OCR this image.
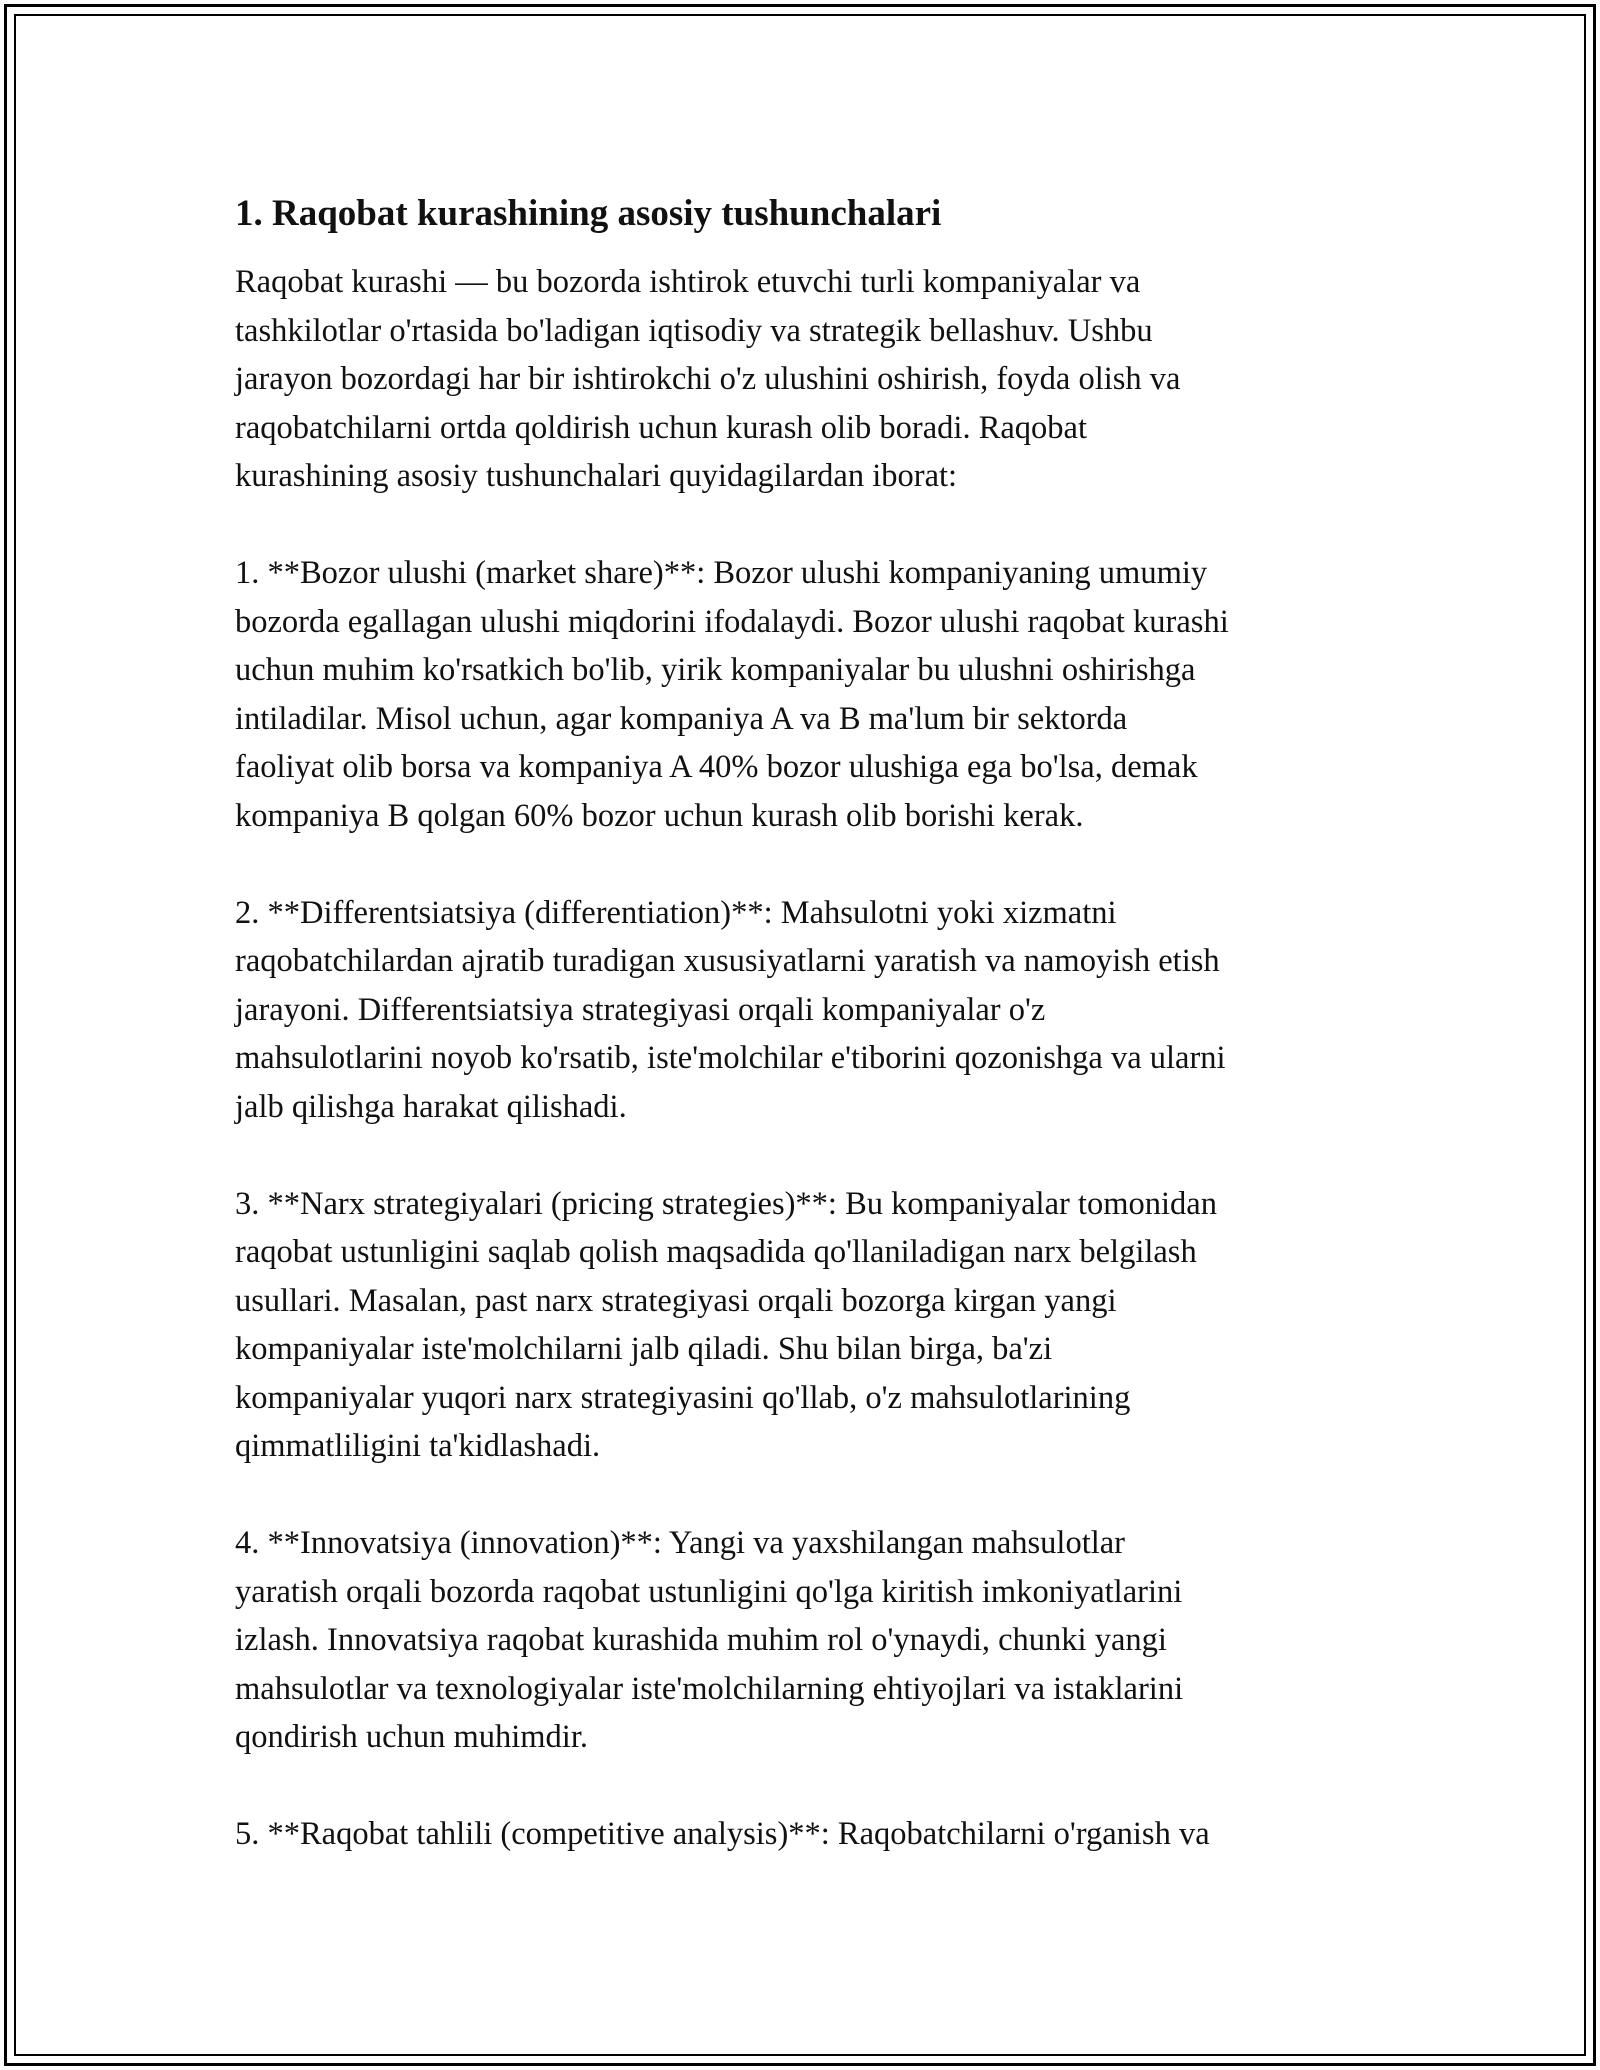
1. Raqobat kurashining asosiy tushunchalari

Raqobat kurashi — bu bozorda ishtirok etuvchi turli kompaniyalar va
tashkilotlar o'rtasida bo'ladigan iqtisodiy va strategik bellashuv. Ushbu
jarayon bozordagi har bir ishtirokchi o'z ulushini oshirish, foyda olish va
raqobatchilarni ortda qoldirish uchun kurash olib boradi. Raqobat
kurashining asosiy tushunchalari quyidagilardan iborat:

1. **Bozor ulushi (market share)**: Bozor ulushi kompaniyaning umumiy
bozorda egallagan ulushi miqdorini ifodalaydi. Bozor ulushi raqobat kurashi
uchun muhim ko'rsatkich bo'lib, yirik kompaniyalar bu ulushni oshirishga
intiladilar. Misol uchun, agar kompaniya A va B ma'lum bir sektorda
faoliyat olib borsa va kompaniya A 40% bozor ulushiga ega bo'lsa, demak
kompaniya B qolgan 60% bozor uchun kurash olib borishi kerak.

2. **Differentsiatsiya (differentiation)**: Mahsulotni yoki xizmatni
raqobatchilardan ajratib turadigan xususiyatlarni yaratish va namoyish etish
jarayoni. Differentsiatsiya strategiyasi orqali kompaniyalar o'z
mahsulotlarini noyob ko'rsatib, iste'molchilar e'tiborini qozonishga va ularni
jalb qilishga harakat qilishadi.

3. **Narx strategiyalari (pricing strategies)**: Bu kompaniyalar tomonidan
raqobat ustunligini saqlab qolish maqsadida qo'llaniladigan narx belgilash
usullari. Masalan, past narx strategiyasi orqali bozorga kirgan yangi
kompaniyalar iste'molchilarni jalb qiladi. Shu bilan birga, ba'zi
kompaniyalar yuqori narx strategiyasini qo'llab, o'z mahsulotlarining
qimmatliligini ta'kidlashadi.

4. **Innovatsiya (innovation)**: Yangi va yaxshilangan mahsulotlar
yaratish orqali bozorda raqobat ustunligini qo'lga kiritish imkoniyatlarini
izlash. Innovatsiya raqobat kurashida muhim rol o'ynaydi, chunki yangi
mahsulotlar va texnologiyalar iste'molchilarning ehtiyojlari va istaklarini
qondirish uchun muhimdir.

5. **Raqobat tahlili (competitive analysis)**: Raqobatchilarni o'rganish va
